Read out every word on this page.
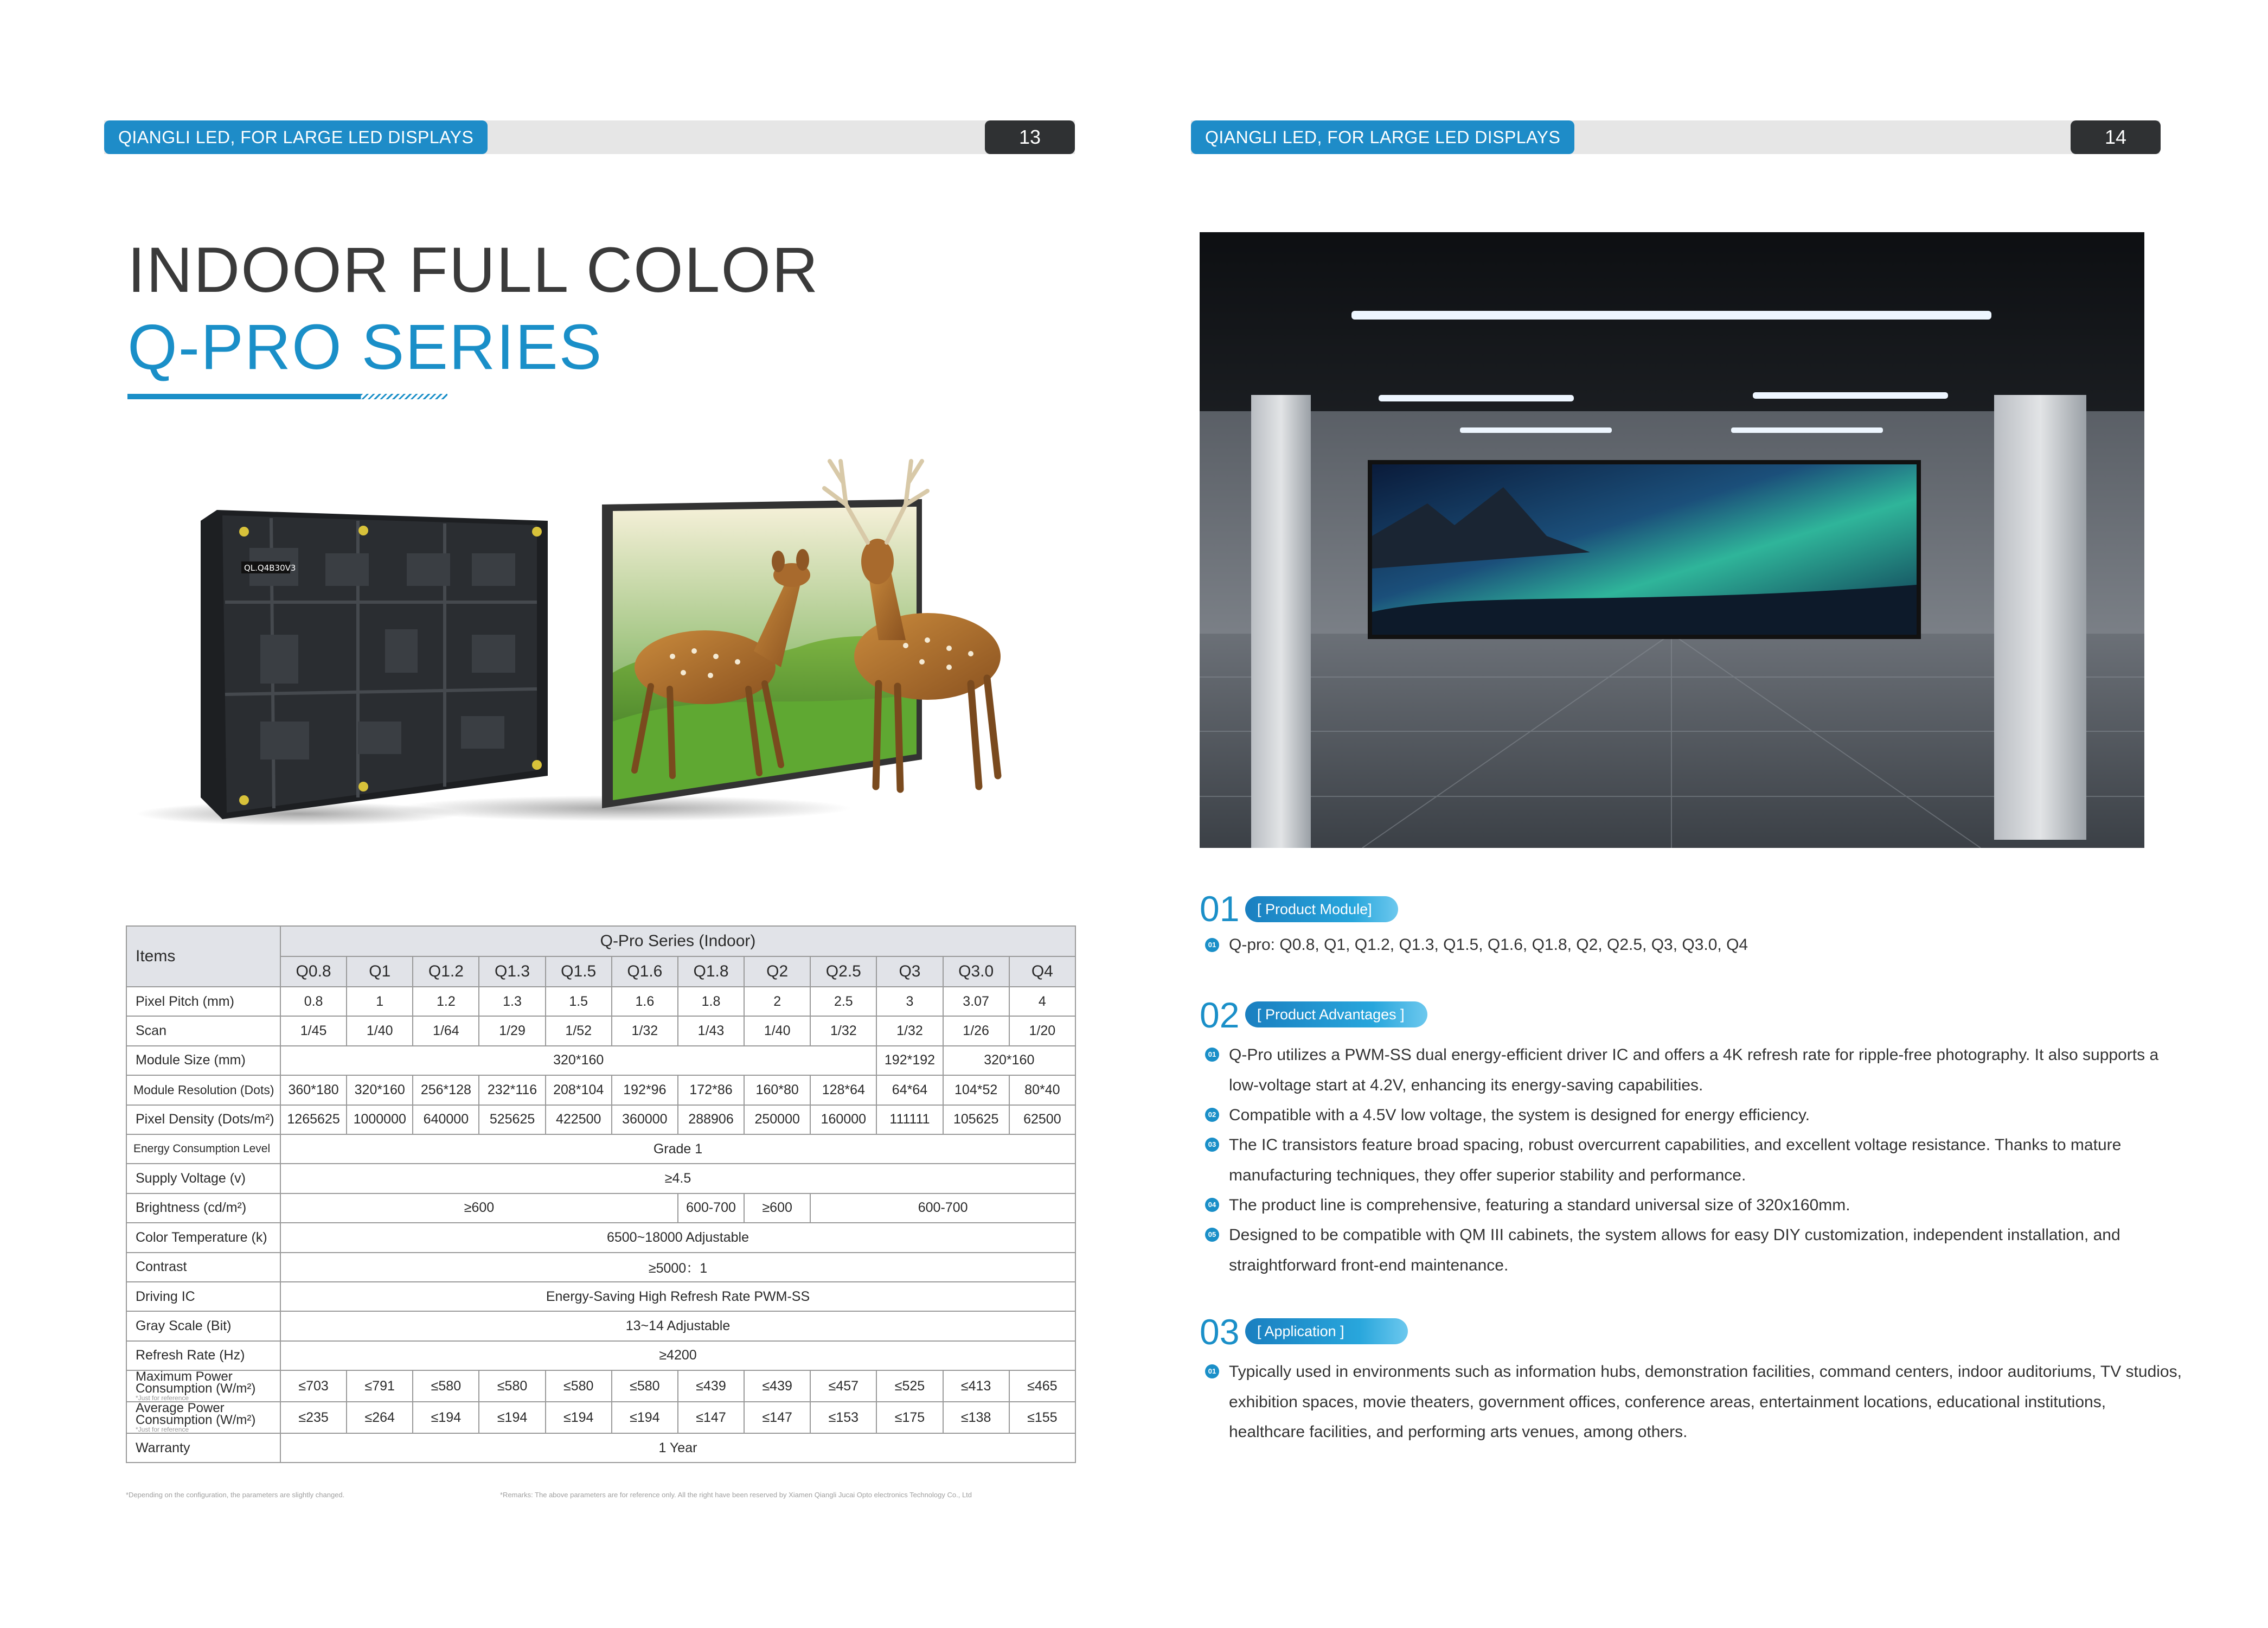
QIANGLI LED, FOR LARGE LED DISPLAYS	13	QIANGLI LED, FOR LARGE LED DISPLAYS	14
INDOOR FULL COLOR
Q-PRO SERIES
QL.Q4B30V3
Items	Q-Pro Series (Indoor)											
	Q0.8	Q1	Q1.2	Q1.3	Q1.5	Q1.6	Q1.8	Q2	Q2.5	Q3	Q3.0	Q4
Pixel Pitch (mm)	0.8	1	1.2	1.3	1.5	1.6	1.8	2	2.5	3	3.07	4
Scan	1/45	1/40	1/64	1/29	1/52	1/32	1/43	1/40	1/32	1/32	1/26	1/20
Module Size (mm)	320*160									192*192	320*160	
Module Resolution (Dots)	360*180	320*160	256*128	232*116	208*104	192*96	172*86	160*80	128*64	64*64	104*52	80*40
Pixel Density (Dots/m²)	1265625	1000000	640000	525625	422500	360000	288906	250000	160000	111111	105625	62500
Energy Consumption Level	Grade 1											
Supply Voltage (v)	≥4.5											
Brightness (cd/m²)	≥600						600-700	≥600	600-700			
Color Temperature (k)	6500~18000 Adjustable											
Contrast	≥5000：1											
Driving IC	Energy-Saving High Refresh Rate PWM-SS											
Gray Scale (Bit)	13~14 Adjustable											
Refresh Rate (Hz)	≥4200											
Maximum Power Consumption (W/m²)
*Just for reference	≤703	≤791	≤580	≤580	≤580	≤580	≤439	≤439	≤457	≤525	≤413	≤465
Average Power Consumption (W/m²)
*Just for reference	≤235	≤264	≤194	≤194	≤194	≤194	≤147	≤147	≤153	≤175	≤138	≤155
Warranty	1 Year											
*Depending on the configuration, the parameters are slightly changed.	*Remarks: The above parameters are for reference only. All the right have been reserved by Xiamen Qiangli Jucai Opto electronics Technology Co., Ltd
01	[ Product Module]
01 Q-pro: Q0.8, Q1, Q1.2, Q1.3, Q1.5, Q1.6, Q1.8, Q2, Q2.5, Q3, Q3.0, Q4
02	[ Product Advantages ]
01 Q-Pro utilizes a PWM-SS dual energy-efficient driver IC and offers a 4K refresh rate for ripple-free photography. It also supports a low-voltage start at 4.2V, enhancing its energy-saving capabilities.
02 Compatible with a 4.5V low voltage, the system is designed for energy efficiency.
03 The IC transistors feature broad spacing, robust overcurrent capabilities, and excellent voltage resistance. Thanks to mature manufacturing techniques, they offer superior stability and performance.
04 The product line is comprehensive, featuring a standard universal size of 320x160mm.
05 Designed to be compatible with QM III cabinets, the system allows for easy DIY customization, independent installation, and straightforward front-end maintenance.
03	[ Application ]
01 Typically used in environments such as information hubs, demonstration facilities, command centers, indoor auditoriums, TV studios, exhibition spaces, movie theaters, government offices, conference areas, entertainment locations, educational institutions, healthcare facilities, and performing arts venues, among others.
